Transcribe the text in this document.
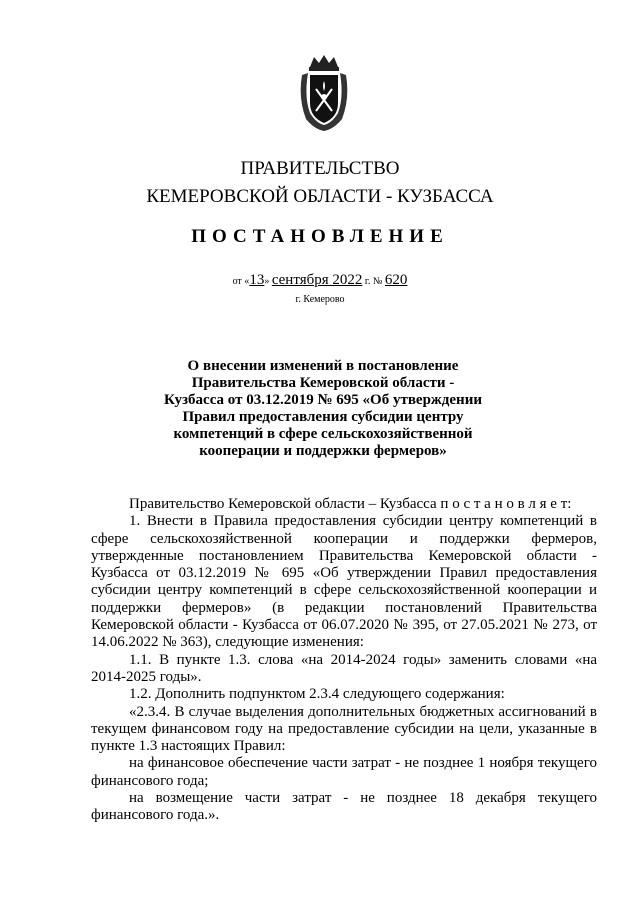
ПРАВИТЕЛЬСТВО
КЕМЕРОВСКОЙ ОБЛАСТИ - КУЗБАССА
ПОСТАНОВЛЕНИЕ
от «13» сентября 2022 г. № 620
г. Кемерово
О внесении изменений в постановление Правительства Кемеровской области - Кузбасса от 03.12.2019 № 695 «Об утверждении Правил предоставления субсидии центру компетенций в сфере сельскохозяйственной кооперации и поддержки фермеров»

Правительство Кемеровской области – Кузбасса п о с т а н о в л я е т:

1. Внести в Правила предоставления субсидии центру компетенций в сфере сельскохозяйственной кооперации и поддержки фермеров, утвержденные постановлением Правительства Кемеровской области - Кузбасса от 03.12.2019 № 695 «Об утверждении Правил предоставления субсидии центру компетенций в сфере сельскохозяйственной кооперации и поддержки фермеров» (в редакции постановлений Правительства Кемеровской области - Кузбасса от 06.07.2020 № 395, от 27.05.2021 № 273, от 14.06.2022 № 363), следующие изменения:

1.1. В пункте 1.3. слова «на 2014-2024 годы» заменить словами «на 2014-2025 годы».

1.2. Дополнить подпунктом 2.3.4 следующего содержания:

«2.3.4. В случае выделения дополнительных бюджетных ассигнований в текущем финансовом году на предоставление субсидии на цели, указанные в пункте 1.3 настоящих Правил:

на финансовое обеспечение части затрат - не позднее 1 ноября текущего финансового года;

на возмещение части затрат - не позднее 18 декабря текущего финансового года.».
